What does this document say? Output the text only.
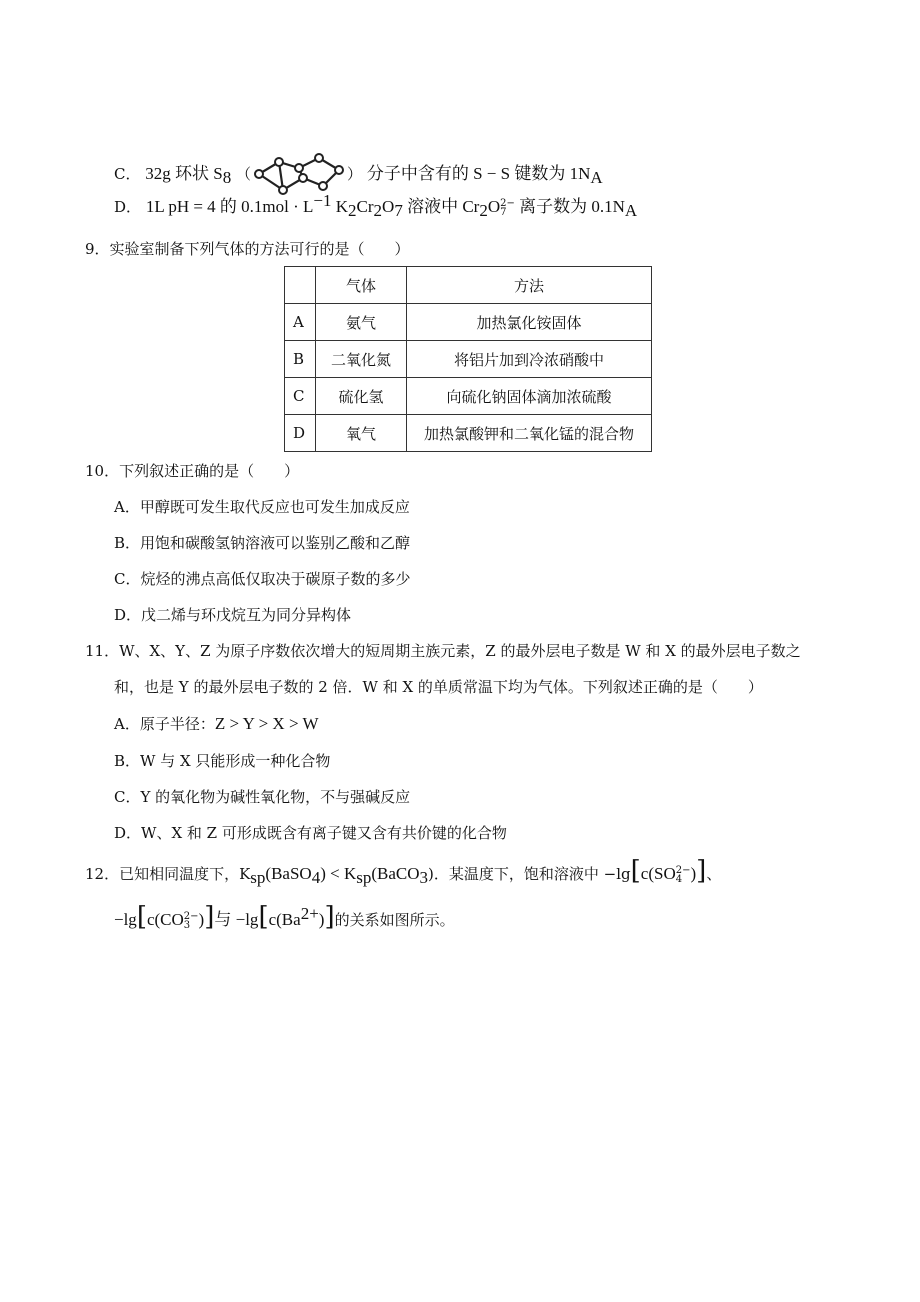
C． 32g 环状 $S_8$ （	） 分子中含有的 S − S 键数为 $1N_A$
D． 1L pH = 4 的 $0.1mol \cdot L^{-1}$ $K_2Cr_2O_7$ 溶液中 $Cr_2O$ 2−
7 离子数为 $0.1N_A$
9．实验室制备下列气体的方法可行的是（　　）
	气体	方法
A	氨气	加热氯化铵固体
B	二氧化氮	将铝片加到冷浓硝酸中
C	硫化氢	向硫化钠固体滴加浓硫酸
D	氧气	加热氯酸钾和二氧化锰的混合物
10．下列叙述正确的是（　　）
A．甲醇既可发生取代反应也可发生加成反应
B．用饱和碳酸氢钠溶液可以鉴别乙酸和乙醇
C．烷烃的沸点高低仅取决于碳原子数的多少
D．戊二烯与环戊烷互为同分异构体
11．W、X、Y、Z 为原子序数依次增大的短周期主族元素，Z 的最外层电子数是 W 和 X 的最外层电子数之
和，也是 Y 的最外层电子数的 2 倍．W 和 X 的单质常温下均为气体。下列叙述正确的是（　　）
A．原子半径：Z > Y > X > W
B．W 与 X 只能形成一种化合物
C．Y 的氧化物为碱性氧化物，不与强碱反应
D．W、X 和 Z 可形成既含有离子键又含有共价键的化合物
12．已知相同温度下，$K_{sp}(BaSO_4)$ < $K_{sp}(BaCO_3)$．某温度下，饱和溶液中 −lg[c(SO 2−
4 )]、
−lg[c(CO 2−
3 )]与 $-\lg[c(Ba^{2+})]$的关系如图所示。
